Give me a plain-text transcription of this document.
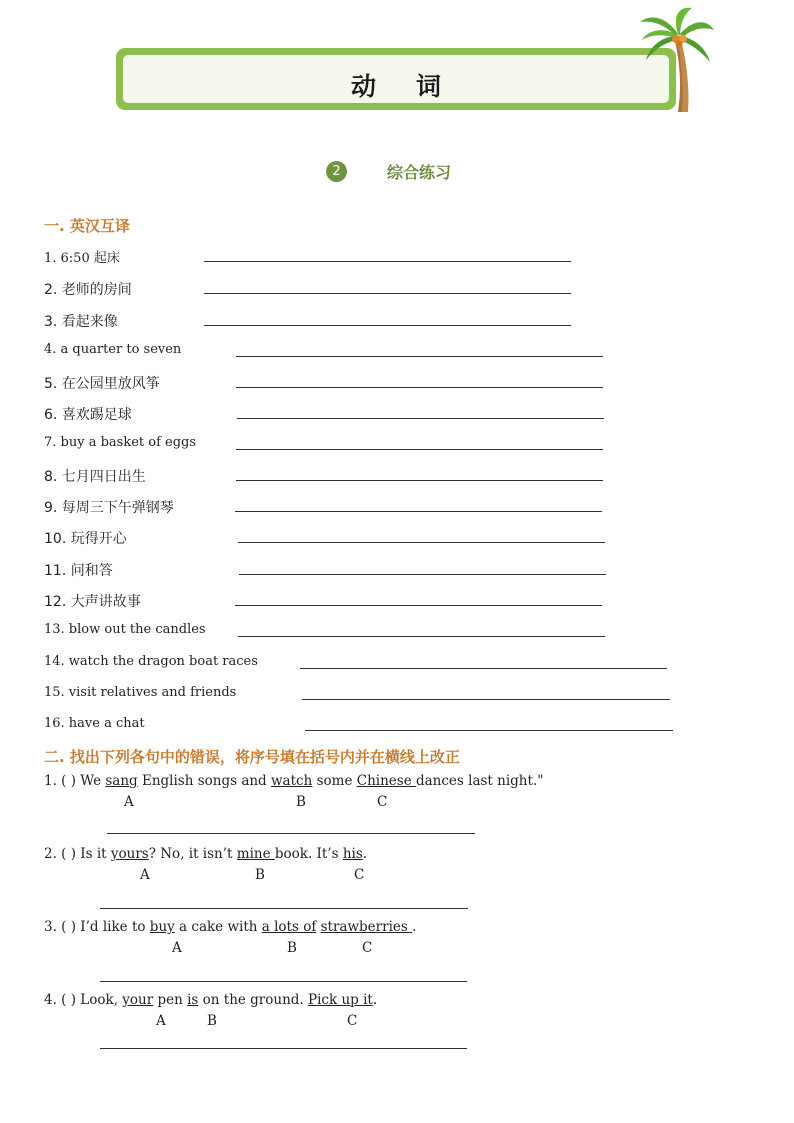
动词
2	综合练习
一. 英汉互译
1. 6:50 起床
2. 老师的房间
3. 看起来像
4. a quarter to seven
5. 在公园里放风筝
6. 喜欢踢足球
7. buy a basket of eggs
8. 七月四日出生
9. 每周三下午弹钢琴
10. 玩得开心
11. 问和答
12. 大声讲故事
13. blow out the candles
14. watch the dragon boat races
15. visit relatives and friends
16. have a chat
二. 找出下列各句中的错误，将序号填在括号内并在横线上改正
1. ( ) We sang English songs and watch some Chinese dances last night."
A	B	C
2. ( ) Is it yours? No, it isn’t mine book. It’s his.
A	B	C
3. ( ) I’d like to buy a cake with a lots of strawberries .
A	B	C
4. ( ) Look, your pen is on the ground. Pick up it.
A	B	C
